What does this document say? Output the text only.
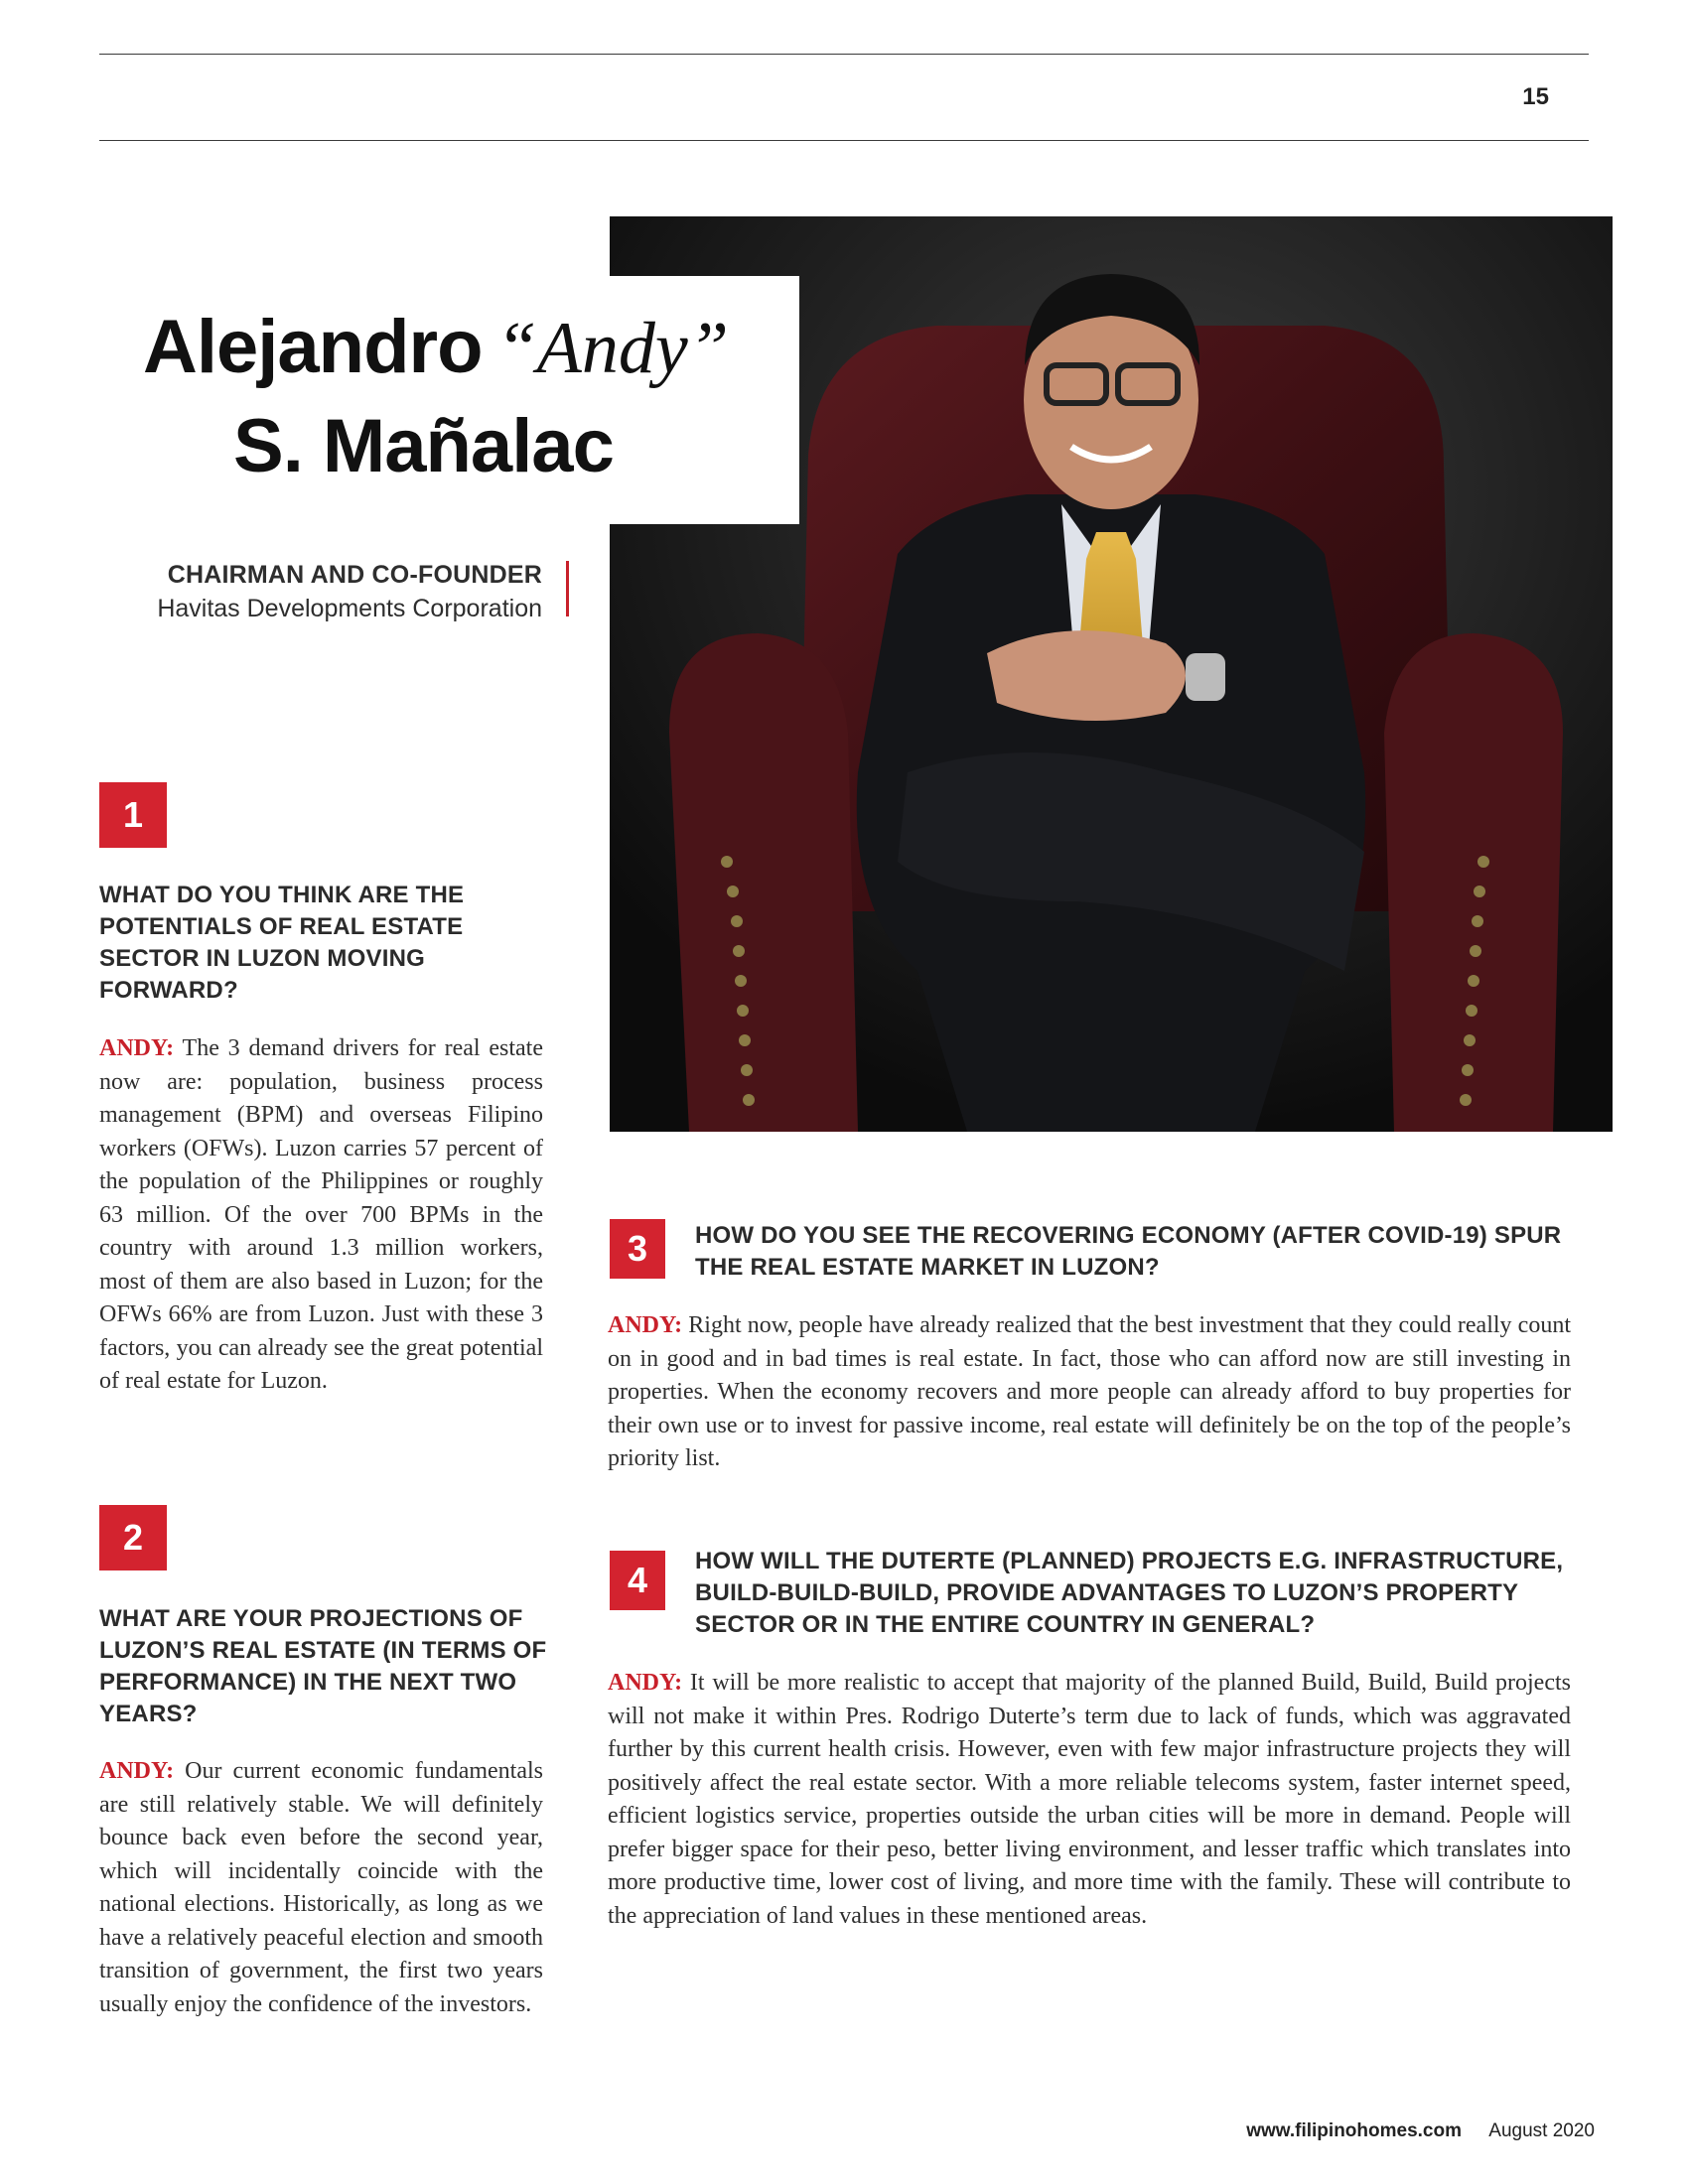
15
Alejandro “Andy”
S. Mañalac
CHAIRMAN AND CO-FOUNDER
Havitas Developments Corporation
1
WHAT DO YOU THINK ARE THE POTENTIALS OF REAL ESTATE SECTOR IN LUZON MOVING FORWARD?
ANDY: The 3 demand drivers for real estate now are: population, business process management (BPM) and overseas Filipino workers (OFWs). Luzon carries 57 percent of the population of the Philippines or roughly 63 million. Of the over 700 BPMs in the country with around 1.3 million workers, most of them are also based in Luzon; for the OFWs 66% are from Luzon. Just with these 3 factors, you can already see the great potential of real estate for Luzon.
2
WHAT ARE YOUR PROJECTIONS OF LUZON’S REAL ESTATE (IN TERMS OF PERFORMANCE) IN THE NEXT TWO YEARS?
ANDY: Our current economic fundamentals are still relatively stable. We will definitely bounce back even before the second year, which will incidentally coincide with the national elections. Historically, as long as we have a relatively peaceful election and smooth transition of government, the first two years usually enjoy the confidence of the investors.
3	HOW DO YOU SEE THE RECOVERING ECONOMY (AFTER COVID-19) SPUR THE REAL ESTATE MARKET IN LUZON?
ANDY: Right now, people have already realized that the best investment that they could really count on in good and in bad times is real estate. In fact, those who can afford now are still investing in properties. When the economy recovers and more people can already afford to buy properties for their own use or to invest for passive income, real estate will definitely be on the top of the people’s priority list.
4	HOW WILL THE DUTERTE (PLANNED) PROJECTS E.G. INFRASTRUCTURE, BUILD-BUILD-BUILD, PROVIDE ADVANTAGES TO LUZON’S PROPERTY SECTOR OR IN THE ENTIRE COUNTRY IN GENERAL?
ANDY: It will be more realistic to accept that majority of the planned Build, Build, Build projects will not make it within Pres. Rodrigo Duterte’s term due to lack of funds, which was aggravated further by this current health crisis. However, even with few major infrastructure projects they will positively affect the real estate sector. With a more reliable telecoms system, faster internet speed, efficient logistics service, properties outside the urban cities will be more in demand. People will prefer bigger space for their peso, better living environment, and lesser traffic which translates into more productive time, lower cost of living, and more time with the family. These will contribute to the appreciation of land values in these mentioned areas.
www.filipinohomes.com August 2020
